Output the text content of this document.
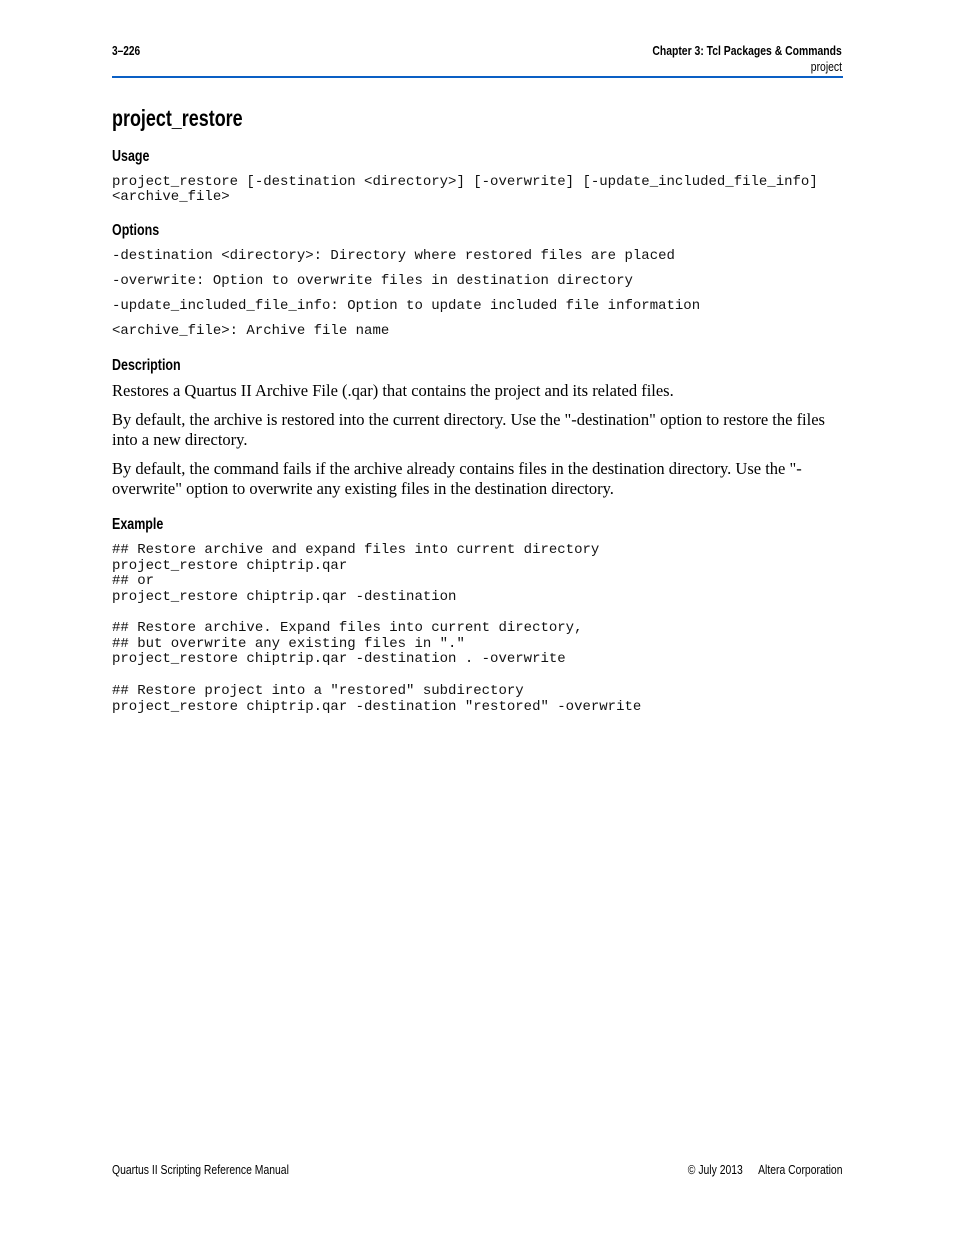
3–226	Chapter 3: Tcl Packages & Commands
project
project_restore
Usage
project_restore [-destination <directory>] [-overwrite] [-update_included_file_info]
<archive_file>
Options
-destination <directory>: Directory where restored files are placed
-overwrite: Option to overwrite files in destination directory
-update_included_file_info: Option to update included file information
<archive_file>: Archive file name
Description
Restores a Quartus II Archive File (.qar) that contains the project and its related files.
By default, the archive is restored into the current directory. Use the "-destination" option to restore the files into a new directory.
By default, the command fails if the archive already contains files in the destination directory. Use the "-overwrite" option to overwrite any existing files in the destination directory.
Example
## Restore archive and expand files into current directory
project_restore chiptrip.qar
## or
project_restore chiptrip.qar -destination
## Restore archive. Expand files into current directory,
## but overwrite any existing files in "."
project_restore chiptrip.qar -destination . -overwrite
## Restore project into a "restored" subdirectory
project_restore chiptrip.qar -destination "restored" -overwrite
Quartus II Scripting Reference Manual	© July 2013 Altera Corporation
